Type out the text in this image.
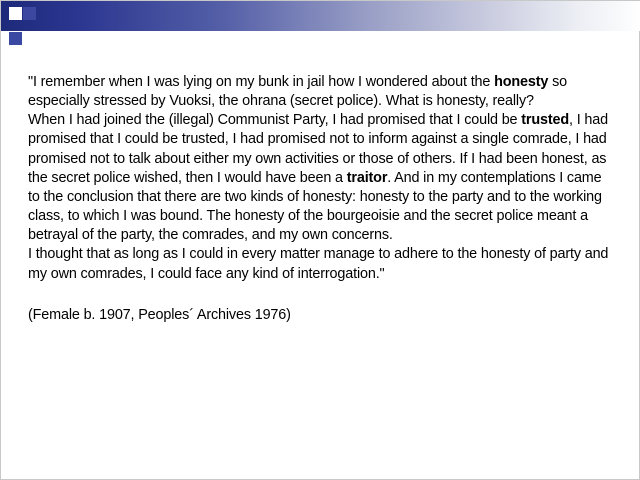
"I remember when I was lying on my bunk in jail how I wondered about the honesty so especially stressed by Vuoksi, the ohrana (secret police). What is honesty, really?

When I had joined the (illegal) Communist Party, I had promised that I could be trusted, I had promised that I could be trusted, I had promised not to inform against a single comrade, I had promised not to talk about either my own activities or those of others. If I had been honest, as the secret police wished, then I would have been a traitor. And in my contemplations I came to the conclusion that there are two kinds of honesty: honesty to the party and to the working class, to which I was bound. The honesty of the bourgeoisie and the secret police meant a betrayal of the party, the comrades, and my own concerns.

I thought that as long as I could in every matter manage to adhere to the honesty of party and my own comrades, I could face any kind of interrogation."

(Female b. 1907, Peoples´ Archives 1976)
